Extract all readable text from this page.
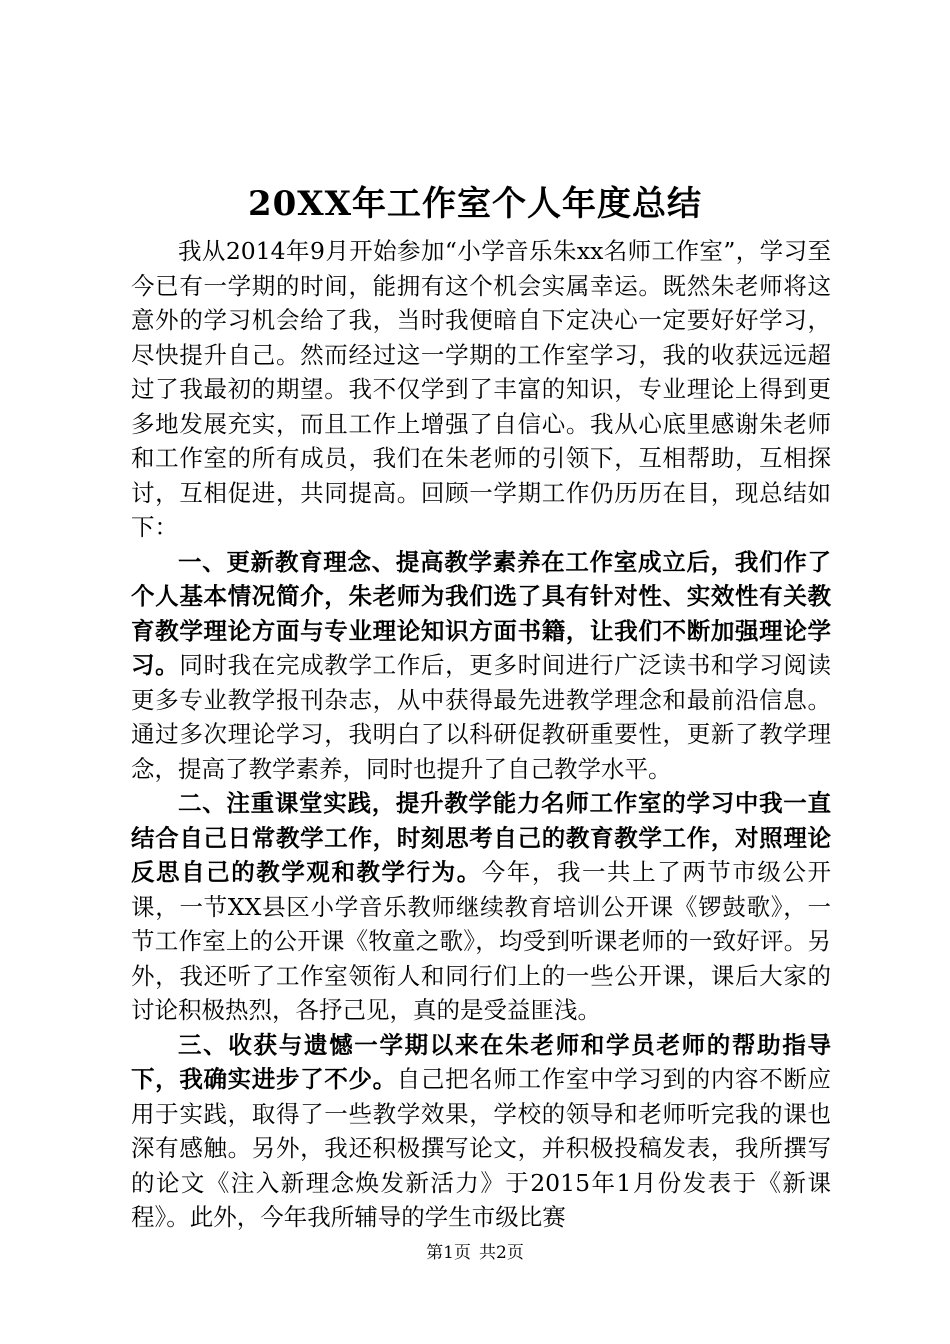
20XX年工作室个人年度总结

我从2014年9月开始参加“小学音乐朱xx名师工作室”，学习至今已有一学期的时间，能拥有这个机会实属幸运。既然朱老师将这意外的学习机会给了我，当时我便暗自下定决心一定要好好学习，尽快提升自己。然而经过这一学期的工作室学习，我的收获远远超过了我最初的期望。我不仅学到了丰富的知识，专业理论上得到更多地发展充实，而且工作上增强了自信心。我从心底里感谢朱老师和工作室的所有成员，我们在朱老师的引领下，互相帮助，互相探讨，互相促进，共同提高。回顾一学期工作仍历历在目，现总结如下：

一、更新教育理念、提高教学素养在工作室成立后，我们作了个人基本情况简介，朱老师为我们选了具有针对性、实效性有关教育教学理论方面与专业理论知识方面书籍，让我们不断加强理论学习。同时我在完成教学工作后，更多时间进行广泛读书和学习阅读更多专业教学报刊杂志，从中获得最先进教学理念和最前沿信息。通过多次理论学习，我明白了以科研促教研重要性，更新了教学理念，提高了教学素养，同时也提升了自己教学水平。

二、注重课堂实践，提升教学能力名师工作室的学习中我一直结合自己日常教学工作，时刻思考自己的教育教学工作，对照理论反思自己的教学观和教学行为。今年，我一共上了两节市级公开课，一节XX县区小学音乐教师继续教育培训公开课《锣鼓歌》，一节工作室上的公开课《牧童之歌》，均受到听课老师的一致好评。另外，我还听了工作室领衔人和同行们上的一些公开课，课后大家的讨论积极热烈，各抒己见，真的是受益匪浅。

三、收获与遗憾一学期以来在朱老师和学员老师的帮助指导下，我确实进步了不少。自己把名师工作室中学习到的内容不断应用于实践，取得了一些教学效果，学校的领导和老师听完我的课也深有感触。另外，我还积极撰写论文，并积极投稿发表，我所撰写的论文《注入新理念焕发新活力》于2015年1月份发表于《新课程》。此外，今年我所辅导的学生市级比赛

第1页 共2页
